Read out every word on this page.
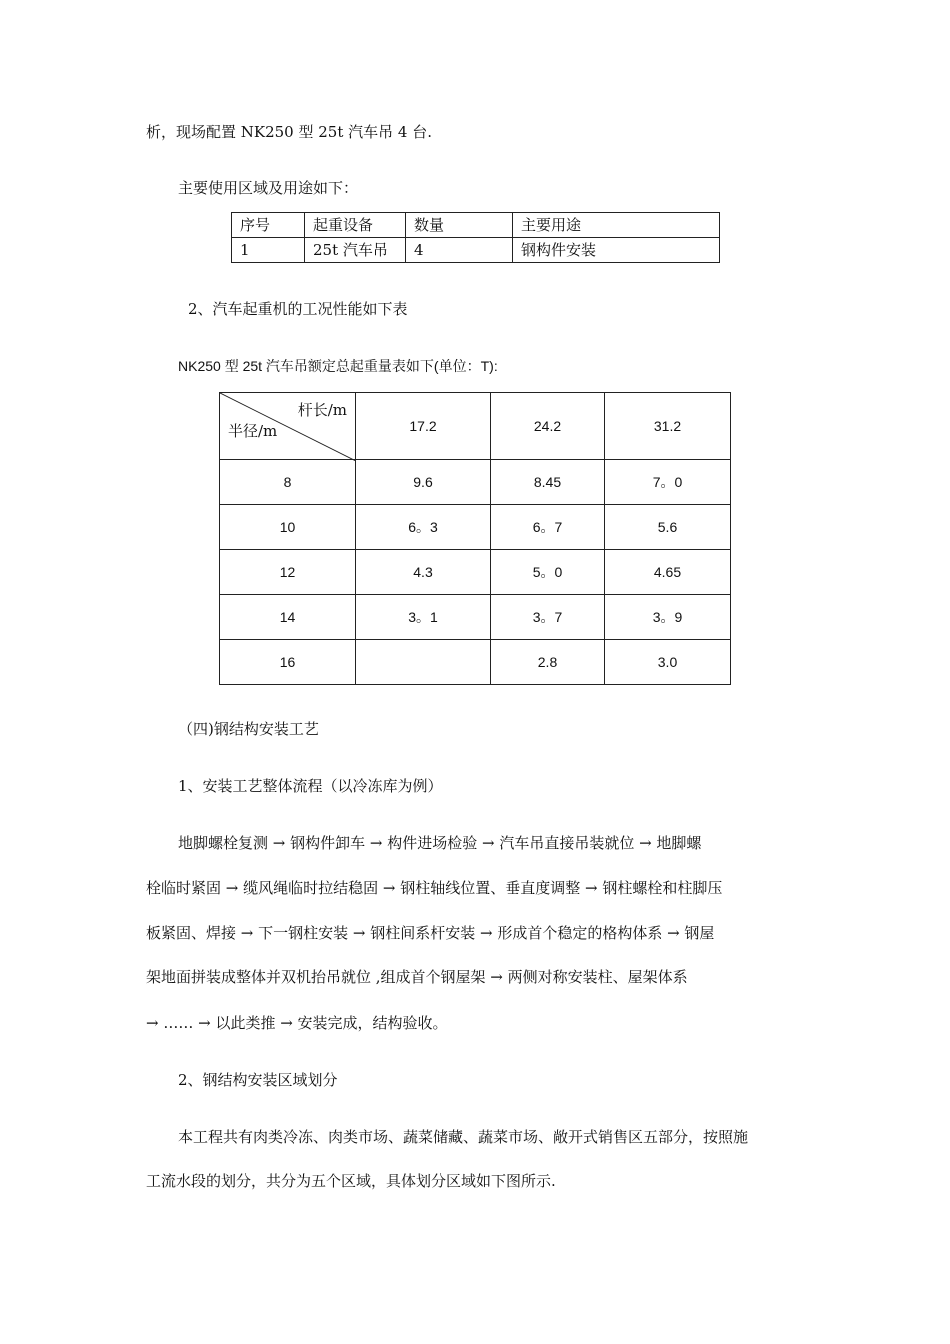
析，现场配置 NK250 型 25t 汽车吊 4 台.
主要使用区域及用途如下：
序号	起重设备	数量	主要用途
1	25t 汽车吊	4	钢构件安装
2、汽车起重机的工况性能如下表
NK250 型 25t 汽车吊额定总起重量表如下(单位：T):
杆长/m
半径/m	17.2	24.2	31.2
8	9.6	8.45	7。0
10	6。3	6。7	5.6
12	4.3	5。0	4.65
14	3。1	3。7	3。9
16		2.8	3.0
（四)钢结构安装工艺
1、安装工艺整体流程（以冷冻库为例）
地脚螺栓复测 → 钢构件卸车 → 构件进场检验 → 汽车吊直接吊装就位 → 地脚螺
栓临时紧固 → 缆风绳临时拉结稳固 → 钢柱轴线位置、垂直度调整 → 钢柱螺栓和柱脚压
板紧固、焊接 → 下一钢柱安装 → 钢柱间系杆安装 → 形成首个稳定的格构体系 → 钢屋
架地面拼装成整体并双机抬吊就位 ,组成首个钢屋架 → 两侧对称安装柱、屋架体系
→ …… → 以此类推 → 安装完成，结构验收。
2、钢结构安装区域划分
本工程共有肉类冷冻、肉类市场、蔬菜储藏、蔬菜市场、敞开式销售区五部分，按照施
工流水段的划分，共分为五个区域，具体划分区域如下图所示.
